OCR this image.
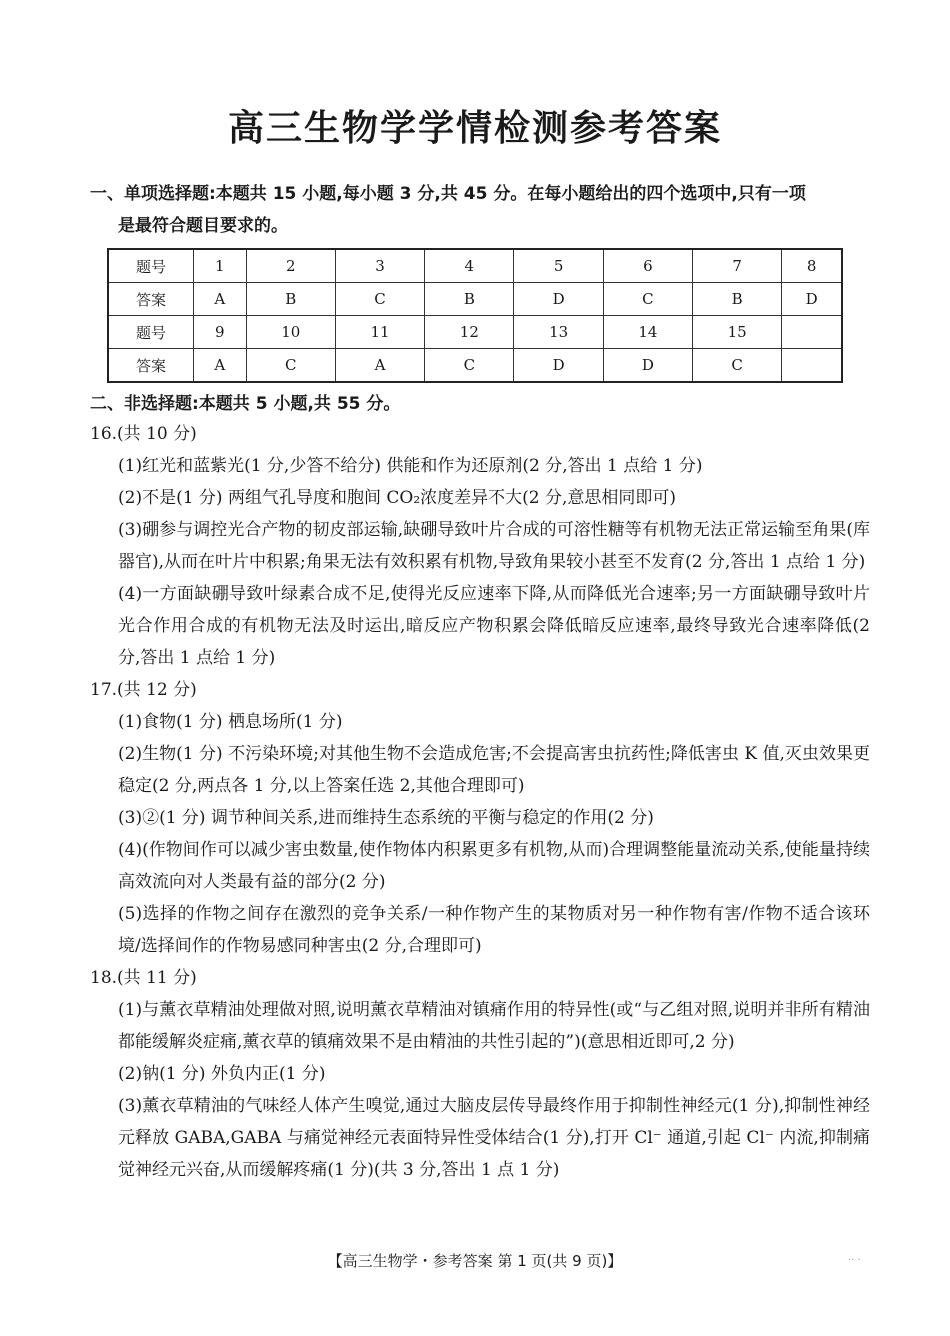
高三生物学学情检测参考答案
一、单项选择题:本题共 15 小题,每小题 3 分,共 45 分。在每小题给出的四个选项中,只有一项
是最符合题目要求的。
题号	1	2	3	4	5	6	7	8
答案	A	B	C	B	D	C	B	D
题号	9	10	11	12	13	14	15	
答案	A	C	A	C	D	D	C	
二、非选择题:本题共 5 小题,共 55 分。
16.(共 10 分)
(1)红光和蓝紫光(1 分,少答不给分) 供能和作为还原剂(2 分,答出 1 点给 1 分)
(2)不是(1 分) 两组气孔导度和胞间 CO₂浓度差异不大(2 分,意思相同即可)
(3)硼参与调控光合产物的韧皮部运输,缺硼导致叶片合成的可溶性糖等有机物无法正常运输至角果(库器官),从而在叶片中积累;角果无法有效积累有机物,导致角果较小甚至不发育(2 分,答出 1 点给 1 分)
(4)一方面缺硼导致叶绿素合成不足,使得光反应速率下降,从而降低光合速率;另一方面缺硼导致叶片光合作用合成的有机物无法及时运出,暗反应产物积累会降低暗反应速率,最终导致光合速率降低(2 分,答出 1 点给 1 分)
17.(共 12 分)
(1)食物(1 分) 栖息场所(1 分)
(2)生物(1 分) 不污染环境;对其他生物不会造成危害;不会提高害虫抗药性;降低害虫 K 值,灭虫效果更稳定(2 分,两点各 1 分,以上答案任选 2,其他合理即可)
(3)②(1 分) 调节种间关系,进而维持生态系统的平衡与稳定的作用(2 分)
(4)(作物间作可以减少害虫数量,使作物体内积累更多有机物,从而)合理调整能量流动关系,使能量持续高效流向对人类最有益的部分(2 分)
(5)选择的作物之间存在激烈的竞争关系/一种作物产生的某物质对另一种作物有害/作物不适合该环境/选择间作的作物易感同种害虫(2 分,合理即可)
18.(共 11 分)
(1)与薰衣草精油处理做对照,说明薰衣草精油对镇痛作用的特异性(或“与乙组对照,说明并非所有精油都能缓解炎症痛,薰衣草的镇痛效果不是由精油的共性引起的”)(意思相近即可,2 分)
(2)钠(1 分) 外负内正(1 分)
(3)薰衣草精油的气味经人体产生嗅觉,通过大脑皮层传导最终作用于抑制性神经元(1 分),抑制性神经元释放 GABA,GABA 与痛觉神经元表面特异性受体结合(1 分),打开 Cl⁻ 通道,引起 Cl⁻ 内流,抑制痛觉神经元兴奋,从而缓解疼痛(1 分)(共 3 分,答出 1 点 1 分)
【高三生物学・参考答案 第 1 页(共 9 页)】	.. .
